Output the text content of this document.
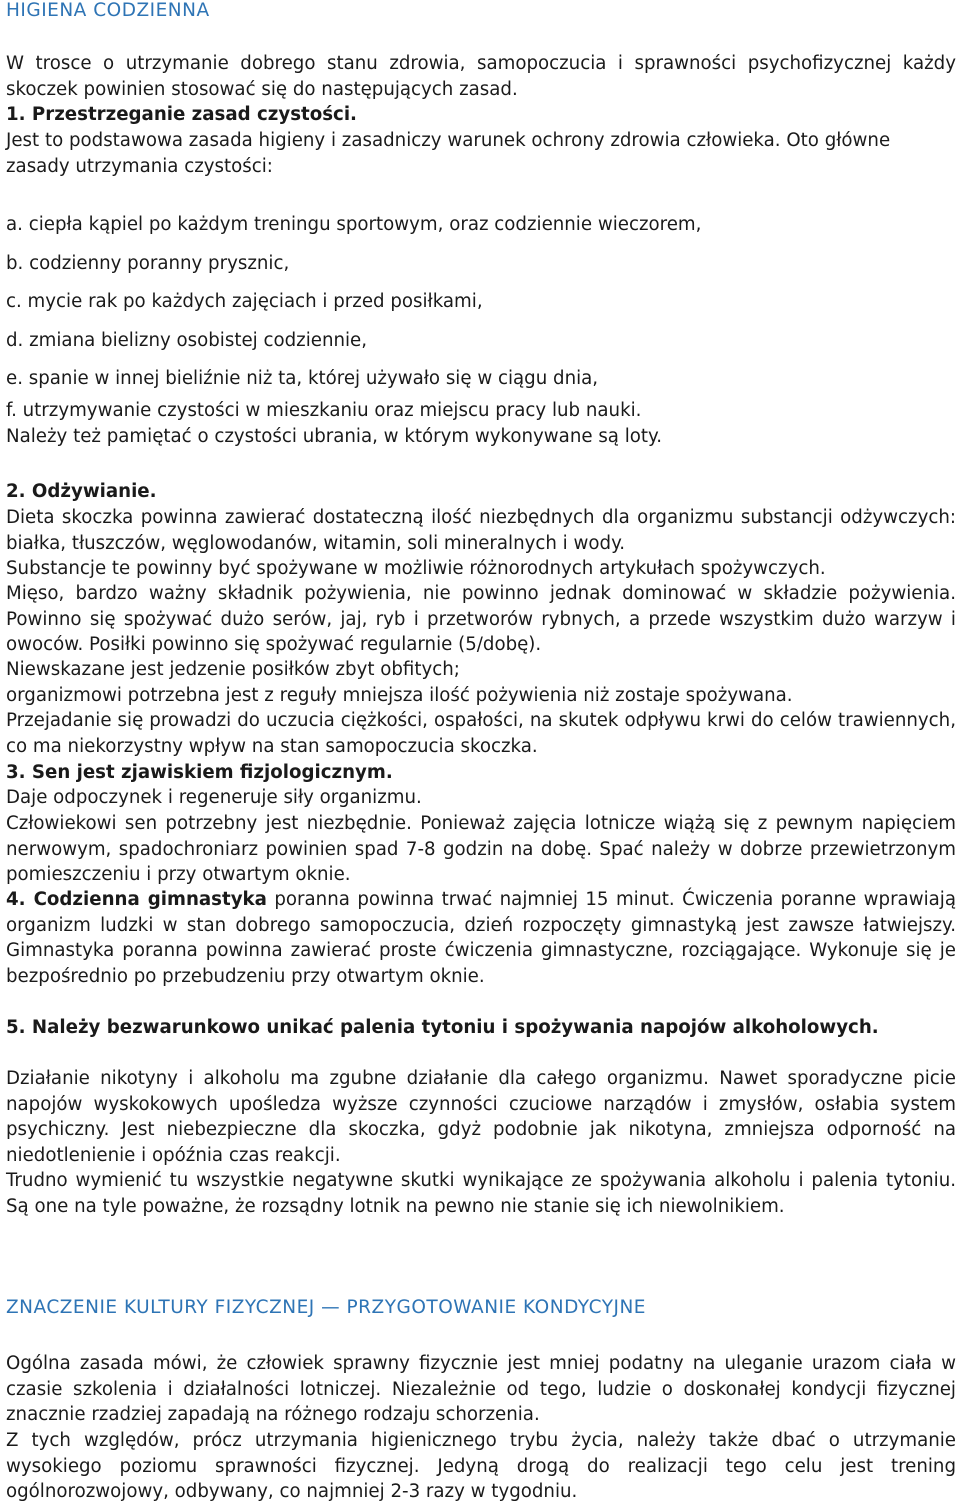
HIGIENA CODZIENNA

W trosce o utrzymanie dobrego stanu zdrowia, samopoczucia i sprawności psychofizycznej każdy skoczek powinien stosować się do następujących zasad.

1. Przestrzeganie zasad czystości.

Jest to podstawowa zasada higieny i zasadniczy warunek ochrony zdrowia człowieka. Oto główne zasady utrzymania czystości:

a. ciepła kąpiel po każdym treningu sportowym, oraz codziennie wieczorem,
b. codzienny poranny prysznic,
c. mycie rak po każdych zajęciach i przed posiłkami,
d. zmiana bielizny osobistej codziennie,
e. spanie w innej bieliźnie niż ta, której używało się w ciągu dnia,
f. utrzymywanie czystości w mieszkaniu oraz miejscu pracy lub nauki.

Należy też pamiętać o czystości ubrania, w którym wykonywane są loty.

2. Odżywianie.

Dieta skoczka powinna zawierać dostateczną ilość niezbędnych dla organizmu substancji odżywczych: białka, tłuszczów, węglowodanów, witamin, soli mineralnych i wody.

Substancje te powinny być spożywane w możliwie różnorodnych artykułach spożywczych.

Mięso, bardzo ważny składnik pożywienia, nie powinno jednak dominować w składzie pożywienia. Powinno się spożywać dużo serów, jaj, ryb i przetworów rybnych, a przede wszystkim dużo warzyw i owoców. Posiłki powinno się spożywać regularnie (5/dobę).

Niewskazane jest jedzenie posiłków zbyt obfitych;

organizmowi potrzebna jest z reguły mniejsza ilość pożywienia niż zostaje spożywana.

Przejadanie się prowadzi do uczucia ciężkości, ospałości, na skutek odpływu krwi do celów trawiennych, co ma niekorzystny wpływ na stan samopoczucia skoczka.

3. Sen jest zjawiskiem fizjologicznym.

Daje odpoczynek i regeneruje siły organizmu.

Człowiekowi sen potrzebny jest niezbędnie. Ponieważ zajęcia lotnicze wiążą się z pewnym napięciem nerwowym, spadochroniarz powinien spad 7-8 godzin na dobę. Spać należy w dobrze przewietrzonym pomieszczeniu i przy otwartym oknie.

4. Codzienna gimnastyka poranna powinna trwać najmniej 15 minut. Ćwiczenia poranne wprawiają organizm ludzki w stan dobrego samopoczucia, dzień rozpoczęty gimnastyką jest zawsze łatwiejszy. Gimnastyka poranna powinna zawierać proste ćwiczenia gimnastyczne, rozciągające. Wykonuje się je bezpośrednio po przebudzeniu przy otwartym oknie.

5. Należy bezwarunkowo unikać palenia tytoniu i spożywania napojów alkoholowych.

Działanie nikotyny i alkoholu ma zgubne działanie dla całego organizmu. Nawet sporadyczne picie napojów wyskokowych upośledza wyższe czynności czuciowe narządów i zmysłów, osłabia system psychiczny. Jest niebezpieczne dla skoczka, gdyż podobnie jak nikotyna, zmniejsza odporność na niedotlenienie i opóźnia czas reakcji.

Trudno wymienić tu wszystkie negatywne skutki wynikające ze spożywania alkoholu i palenia tytoniu. Są one na tyle poważne, że rozsądny lotnik na pewno nie stanie się ich niewolnikiem.

ZNACZENIE KULTURY FIZYCZNEJ — PRZYGOTOWANIE KONDYCYJNE

Ogólna zasada mówi, że człowiek sprawny fizycznie jest mniej podatny na uleganie urazom ciała w czasie szkolenia i działalności lotniczej. Niezależnie od tego, ludzie o doskonałej kondycji fizycznej znacznie rzadziej zapadają na różnego rodzaju schorzenia.

Z tych względów, prócz utrzymania higienicznego trybu życia, należy także dbać o utrzymanie wysokiego poziomu sprawności fizycznej. Jedyną drogą do realizacji tego celu jest trening ogólnorozwojowy, odbywany, co najmniej 2-3 razy w tygodniu.
